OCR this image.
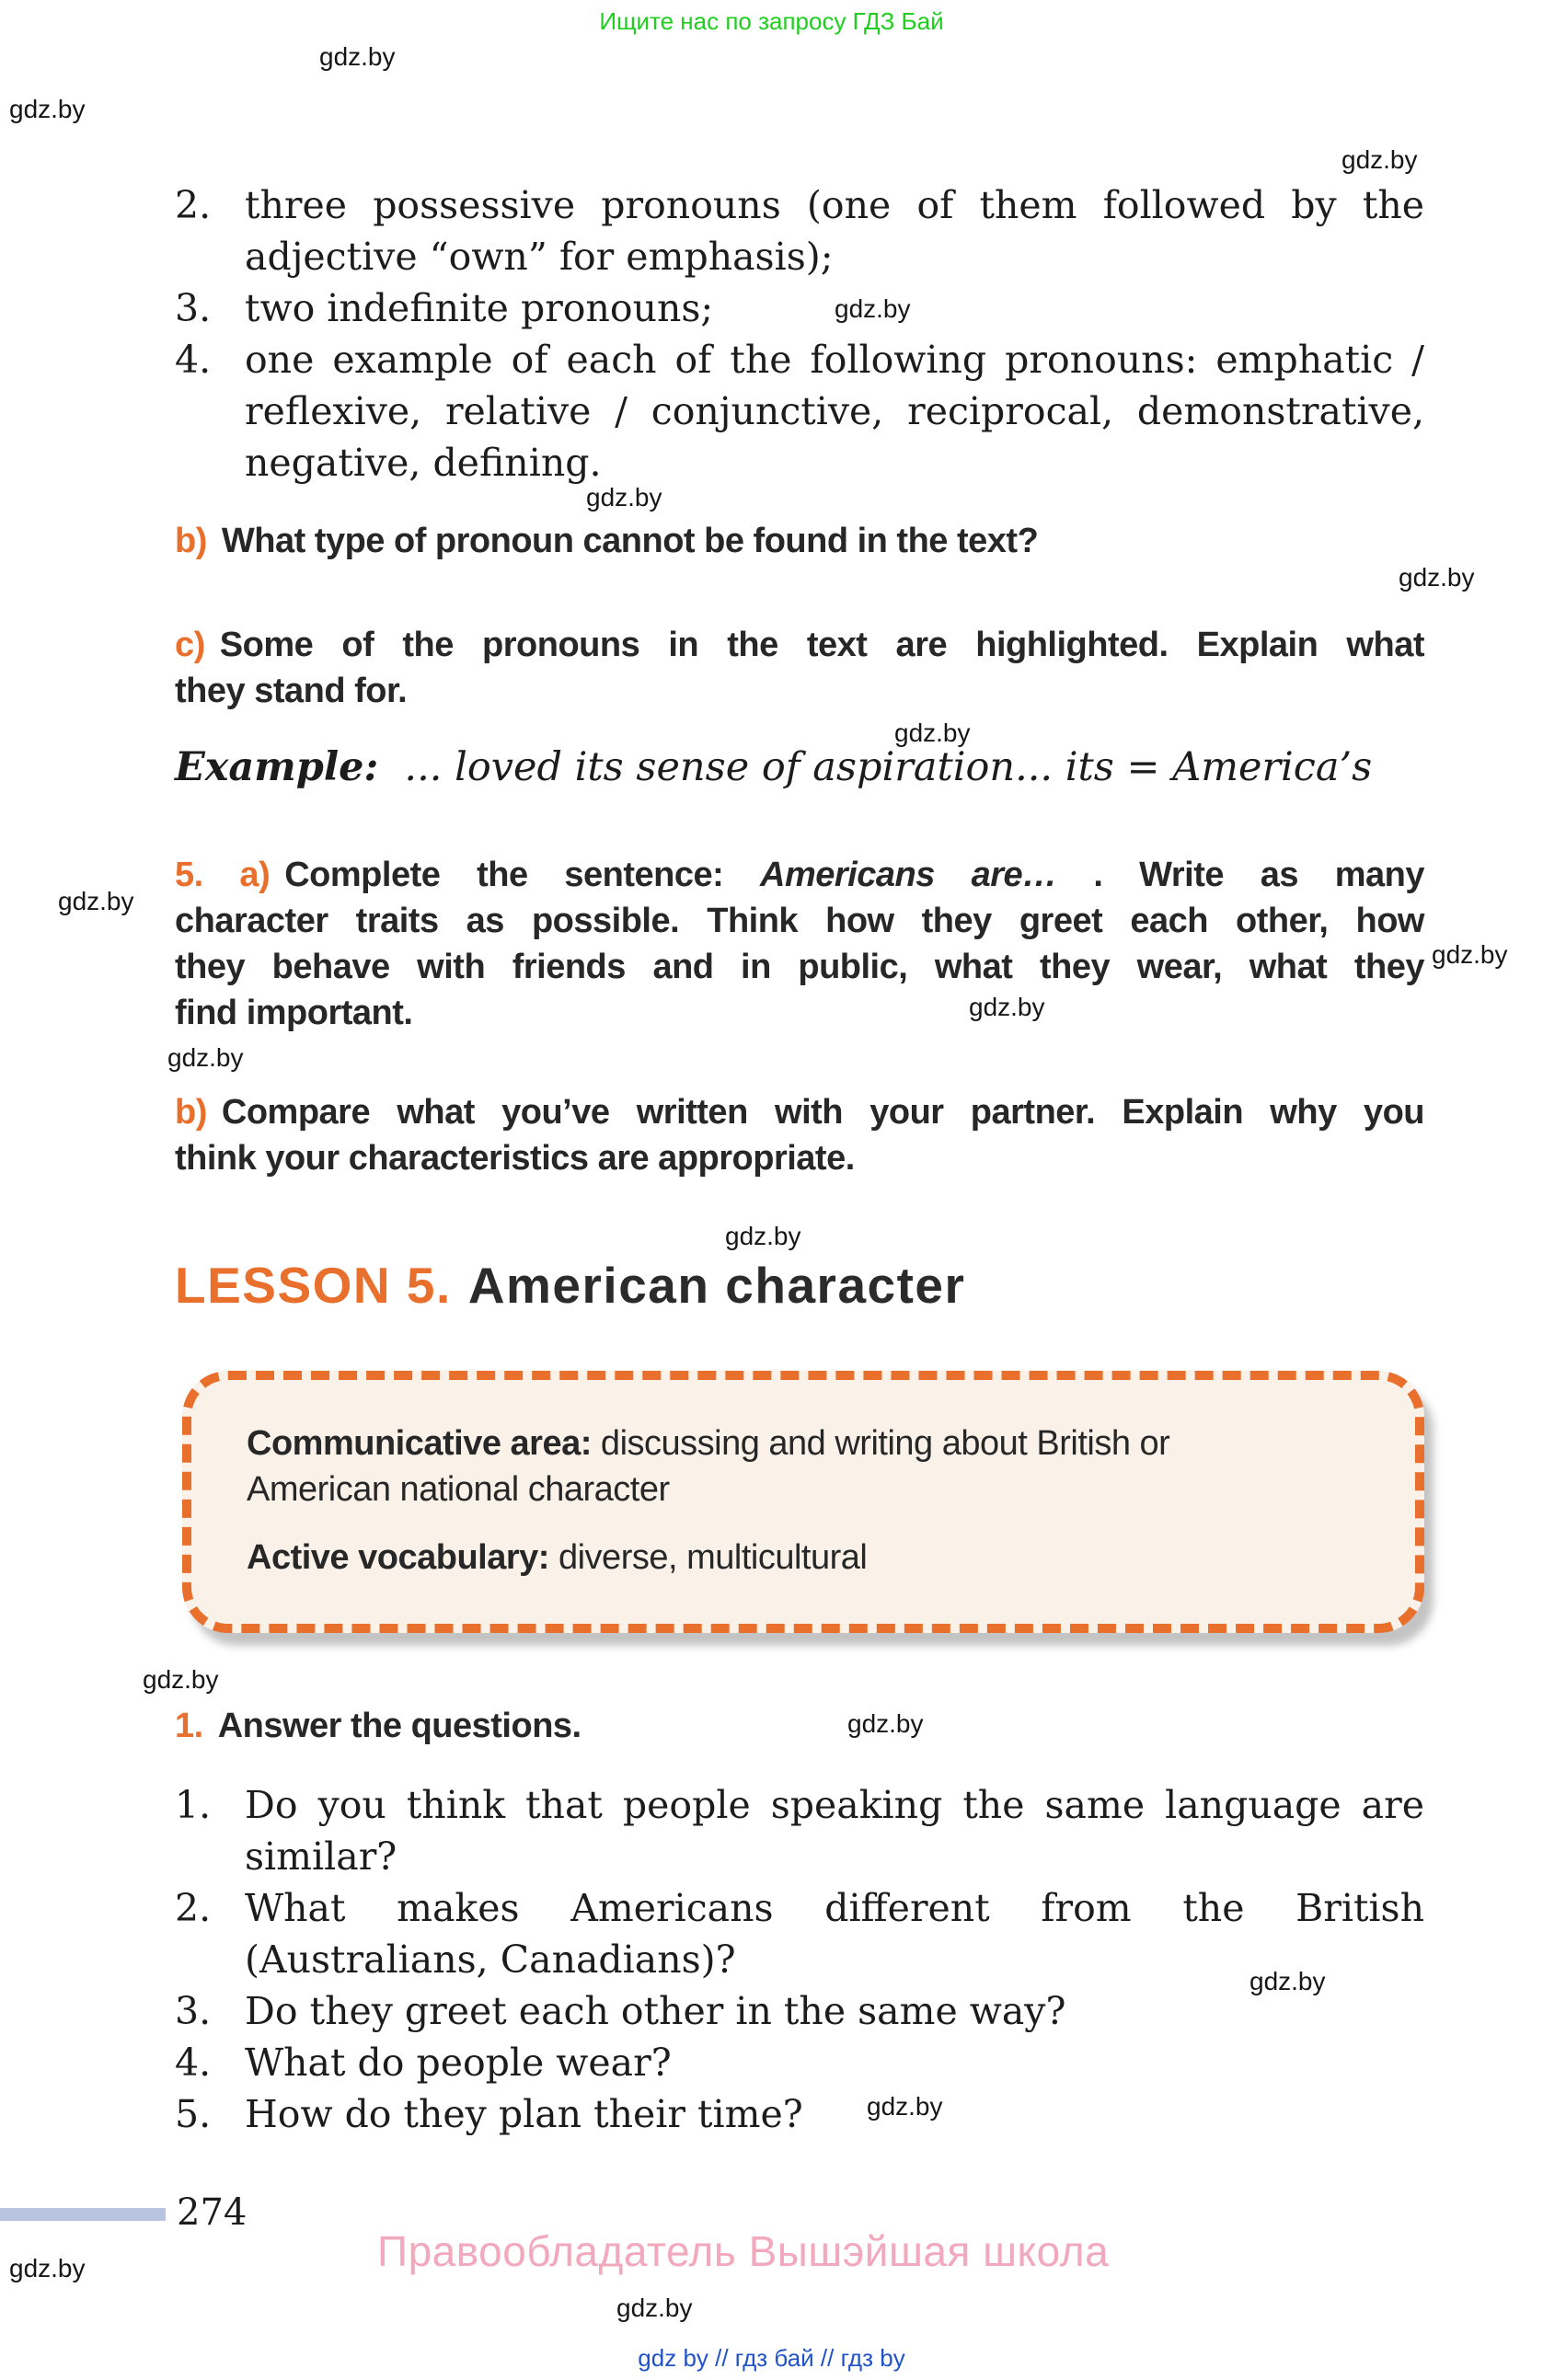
Ищите нас по запросу ГДЗ Бай
gdz.by
gdz.by
gdz.by
gdz.by
gdz.by
gdz.by
gdz.by
gdz.by
gdz.by
gdz.by
gdz.by
gdz.by
gdz.by
gdz.by
gdz.by
gdz.by
gdz.by
gdz.by
2. three possessive pronouns (one of them followed by the
adjective “own” for emphasis);
3. two indefinite pronouns;
4. one example of each of the following pronouns: emphatic /
reflexive, relative / conjunctive, reciprocal, demonstrative,
negative, defining.
b) What type of pronoun cannot be found in the text?
c) Some of the pronouns in the text are highlighted. Explain what
they stand for.
Example: ... loved its sense of aspiration... its = America’s
5. a) Complete the sentence: Americans are… . Write as many
character traits as possible. Think how they greet each other, how
they behave with friends and in public, what they wear, what they
find important.
b) Compare what you’ve written with your partner. Explain why you
think your characteristics are appropriate.
LESSON 5. American character
Communicative area: discussing and writing about British or
American national character
Active vocabulary: diverse, multicultural
1. Answer the questions.
1. Do you think that people speaking the same language are
similar?
2. What makes Americans different from the British
(Australians, Canadians)?
3. Do they greet each other in the same way?
4. What do people wear?
5. How do they plan their time?
274
Правообладатель Вышэйшая школа
gdz by // гдз бай // гдз by
